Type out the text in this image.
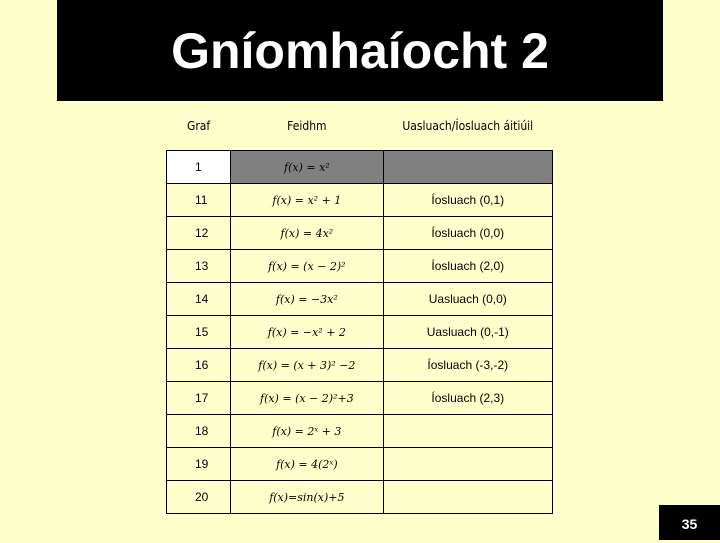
Gníomhaíocht 2
Graf	Feidhm	Uasluach/Íosluach áitiúil
1	f(x) = x²	
11	f(x) = x² + 1	Íosluach (0,1)
12	f(x) = 4x²	Íosluach (0,0)
13	f(x) = (x − 2)²	Íosluach (2,0)
14	f(x) = −3x²	Uasluach (0,0)
15	f(x) = −x² + 2	Uasluach (0,-1)
16	f(x) = (x + 3)² −2	Íosluach (-3,-2)
17	f(x) = (x − 2)²+3	Íosluach (2,3)
18	f(x) = 2ˣ + 3	
19	f(x) = 4(2ˣ)	
20	f(x)=sin(x)+5	
35
